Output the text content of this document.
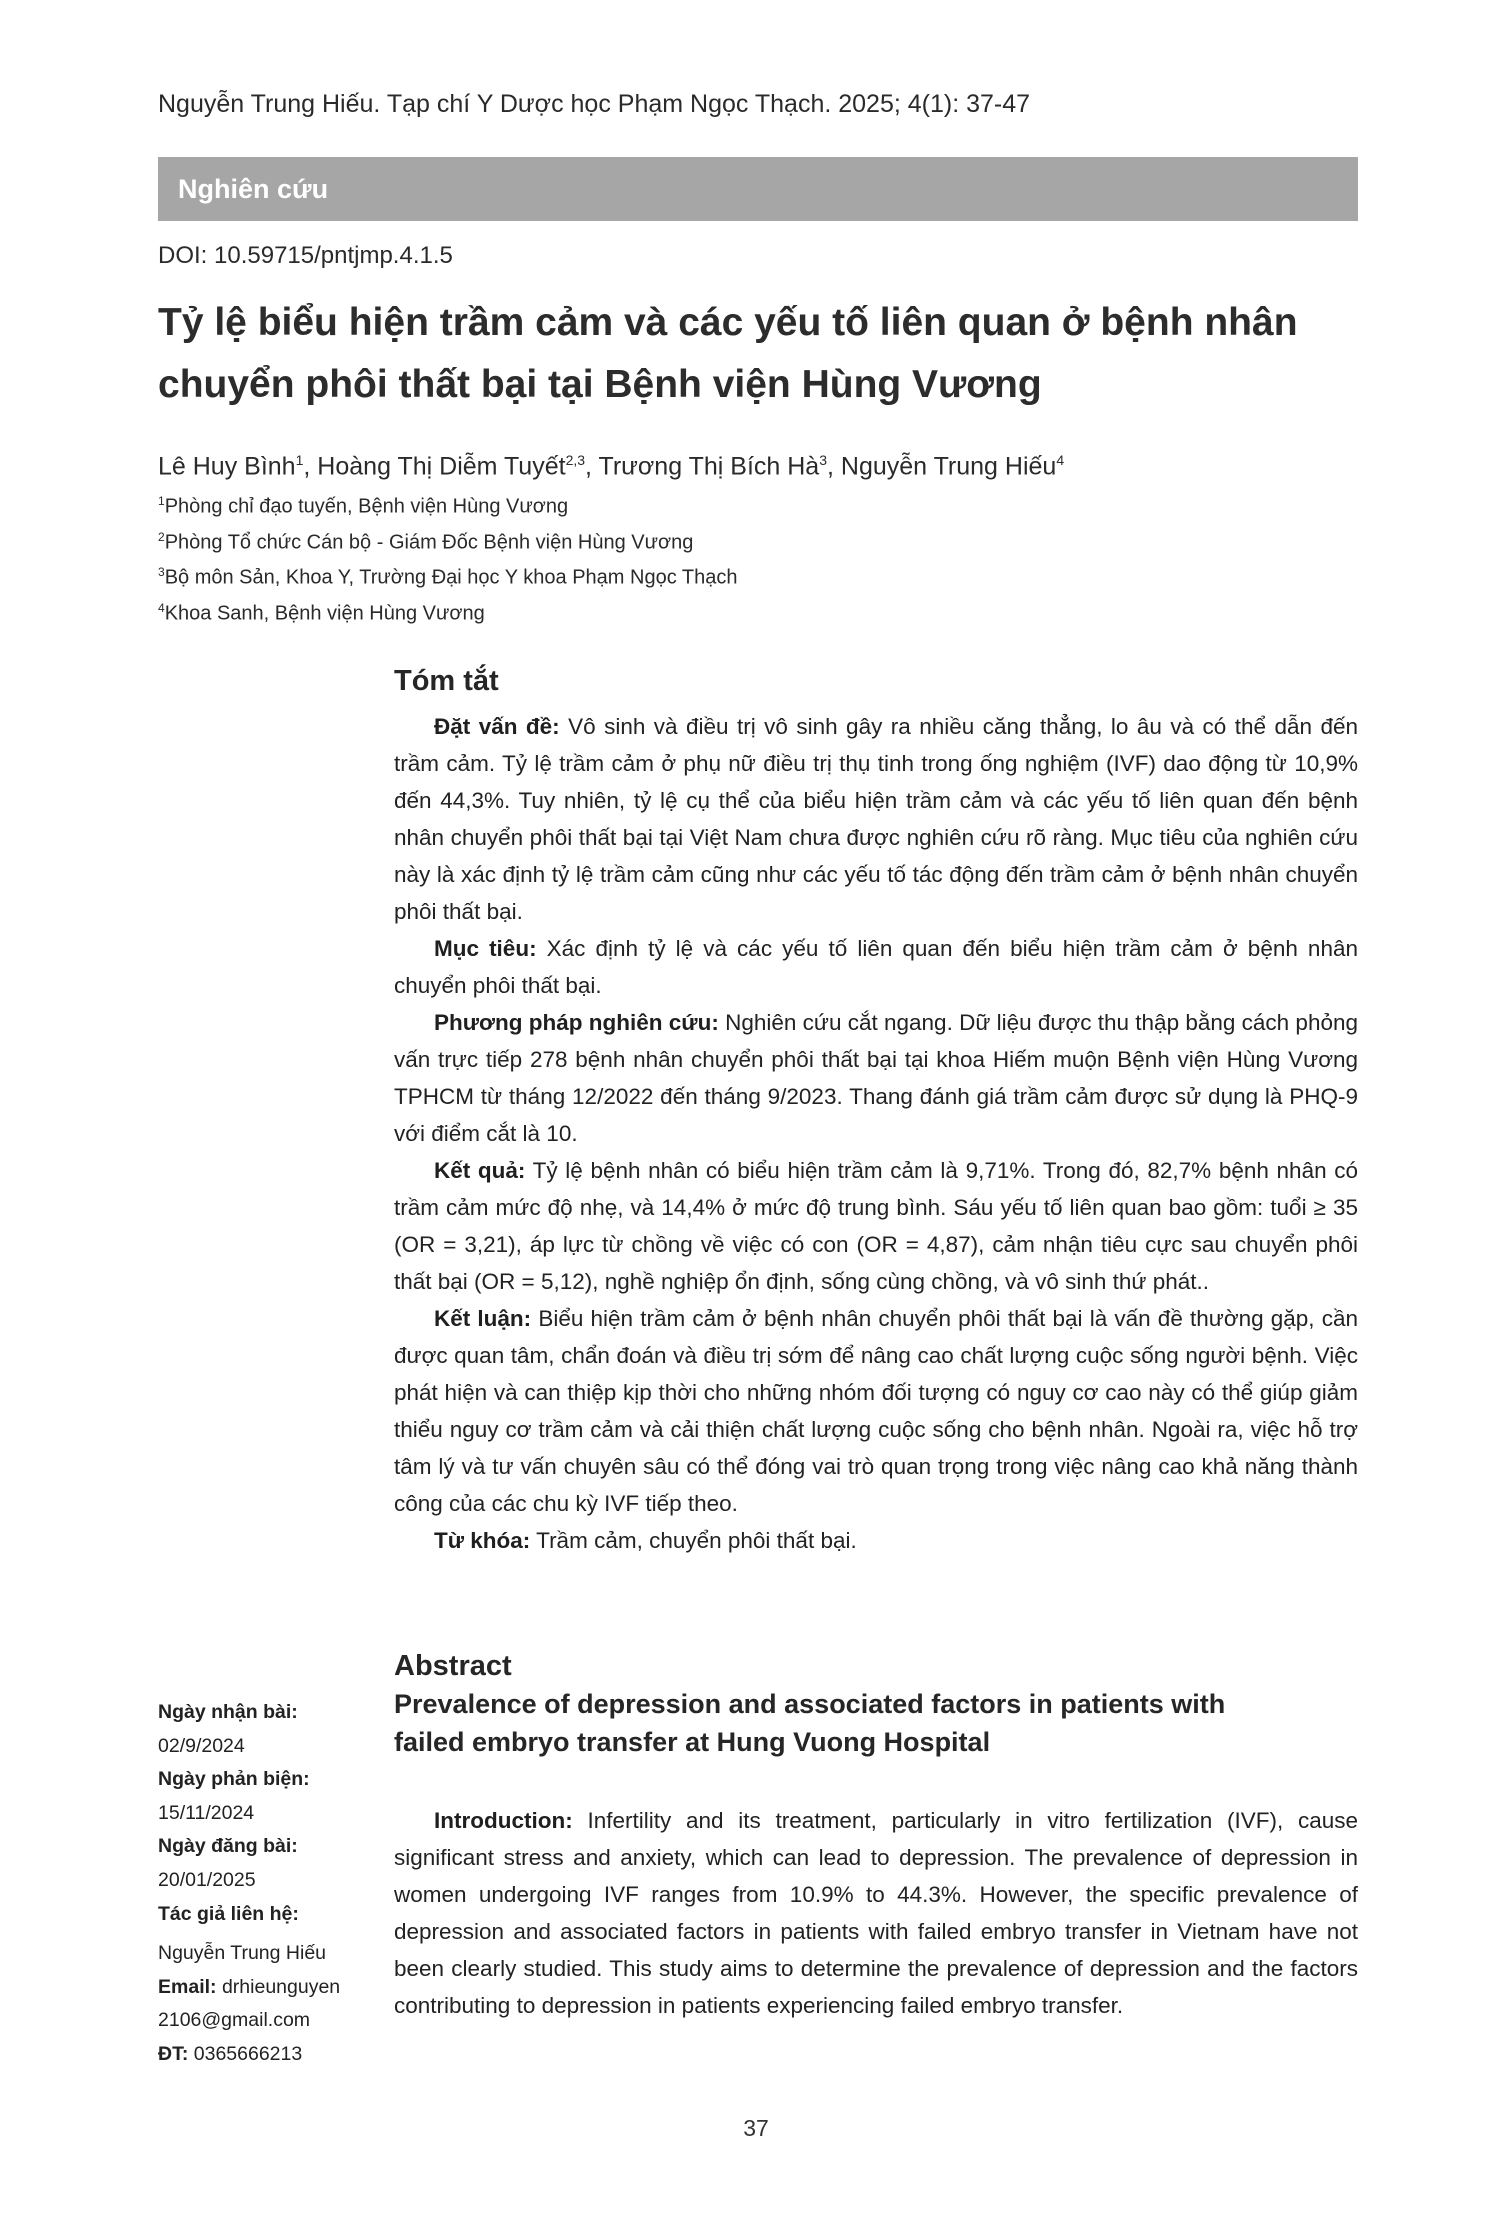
Nguyễn Trung Hiếu. Tạp chí Y Dược học Phạm Ngọc Thạch. 2025; 4(1): 37-47
Nghiên cứu
DOI: 10.59715/pntjmp.4.1.5
Tỷ lệ biểu hiện trầm cảm và các yếu tố liên quan ở bệnh nhân
chuyển phôi thất bại tại Bệnh viện Hùng Vương
Lê Huy Bình$^1$, Hoàng Thị Diễm Tuyết$^{2,3}$, Trương Thị Bích $Hà^3$, Nguyễn Trung Hiếu$^4$
$^1$Phòng chỉ đạo tuyến, Bệnh viện Hùng Vương
$^2$Phòng Tổ chức Cán bộ - Giám Đốc Bệnh viện Hùng Vương
$^3$Bộ môn Sản, Khoa Y, Trường Đại học Y khoa Phạm Ngọc Thạch
$^4$Khoa Sanh, Bệnh viện Hùng Vương
Tóm tắt

Đặt vấn đề: Vô sinh và điều trị vô sinh gây ra nhiều căng thẳng, lo âu và có thể dẫn đến trầm cảm. Tỷ lệ trầm cảm ở phụ nữ điều trị thụ tinh trong ống nghiệm (IVF) dao động từ 10,9% đến 44,3%. Tuy nhiên, tỷ lệ cụ thể của biểu hiện trầm cảm và các yếu tố liên quan đến bệnh nhân chuyển phôi thất bại tại Việt Nam chưa được nghiên cứu rõ ràng. Mục tiêu của nghiên cứu này là xác định tỷ lệ trầm cảm cũng như các yếu tố tác động đến trầm cảm ở bệnh nhân chuyển phôi thất bại.

Mục tiêu: Xác định tỷ lệ và các yếu tố liên quan đến biểu hiện trầm cảm ở bệnh nhân chuyển phôi thất bại.

Phương pháp nghiên cứu: Nghiên cứu cắt ngang. Dữ liệu được thu thập bằng cách phỏng vấn trực tiếp 278 bệnh nhân chuyển phôi thất bại tại khoa Hiếm muộn Bệnh viện Hùng Vương TPHCM từ tháng 12/2022 đến tháng 9/2023. Thang đánh giá trầm cảm được sử dụng là PHQ-9 với điểm cắt là 10.

Kết quả: Tỷ lệ bệnh nhân có biểu hiện trầm cảm là 9,71%. Trong đó, 82,7% bệnh nhân có trầm cảm mức độ nhẹ, và 14,4% ở mức độ trung bình. Sáu yếu tố liên quan bao gồm: tuổi ≥ 35 (OR = 3,21), áp lực từ chồng về việc có con (OR = 4,87), cảm nhận tiêu cực sau chuyển phôi thất bại (OR = 5,12), nghề nghiệp ổn định, sống cùng chồng, và vô sinh thứ phát..

Kết luận: Biểu hiện trầm cảm ở bệnh nhân chuyển phôi thất bại là vấn đề thường gặp, cần được quan tâm, chẩn đoán và điều trị sớm để nâng cao chất lượng cuộc sống người bệnh. Việc phát hiện và can thiệp kịp thời cho những nhóm đối tượng có nguy cơ cao này có thể giúp giảm thiểu nguy cơ trầm cảm và cải thiện chất lượng cuộc sống cho bệnh nhân. Ngoài ra, việc hỗ trợ tâm lý và tư vấn chuyên sâu có thể đóng vai trò quan trọng trong việc nâng cao khả năng thành công của các chu kỳ IVF tiếp theo.

Từ khóa: Trầm cảm, chuyển phôi thất bại.

Abstract
Prevalence of depression and associated factors in patients with
failed embryo transfer at Hung Vuong Hospital

Introduction: Infertility and its treatment, particularly in vitro fertilization (IVF), cause significant stress and anxiety, which can lead to depression. The prevalence of depression in women undergoing IVF ranges from 10.9% to 44.3%. However, the specific prevalence of depression and associated factors in patients with failed embryo transfer in Vietnam have not been clearly studied. This study aims to determine the prevalence of depression and the factors contributing to depression in patients experiencing failed embryo transfer.

Ngày nhận bài:
02/9/2024
Ngày phản biện:
15/11/2024
Ngày đăng bài:
20/01/2025
Tác giả liên hệ:
Nguyễn Trung Hiếu
Email: drhieunguyen
2106@gmail.com
ĐT: 0365666213
37
